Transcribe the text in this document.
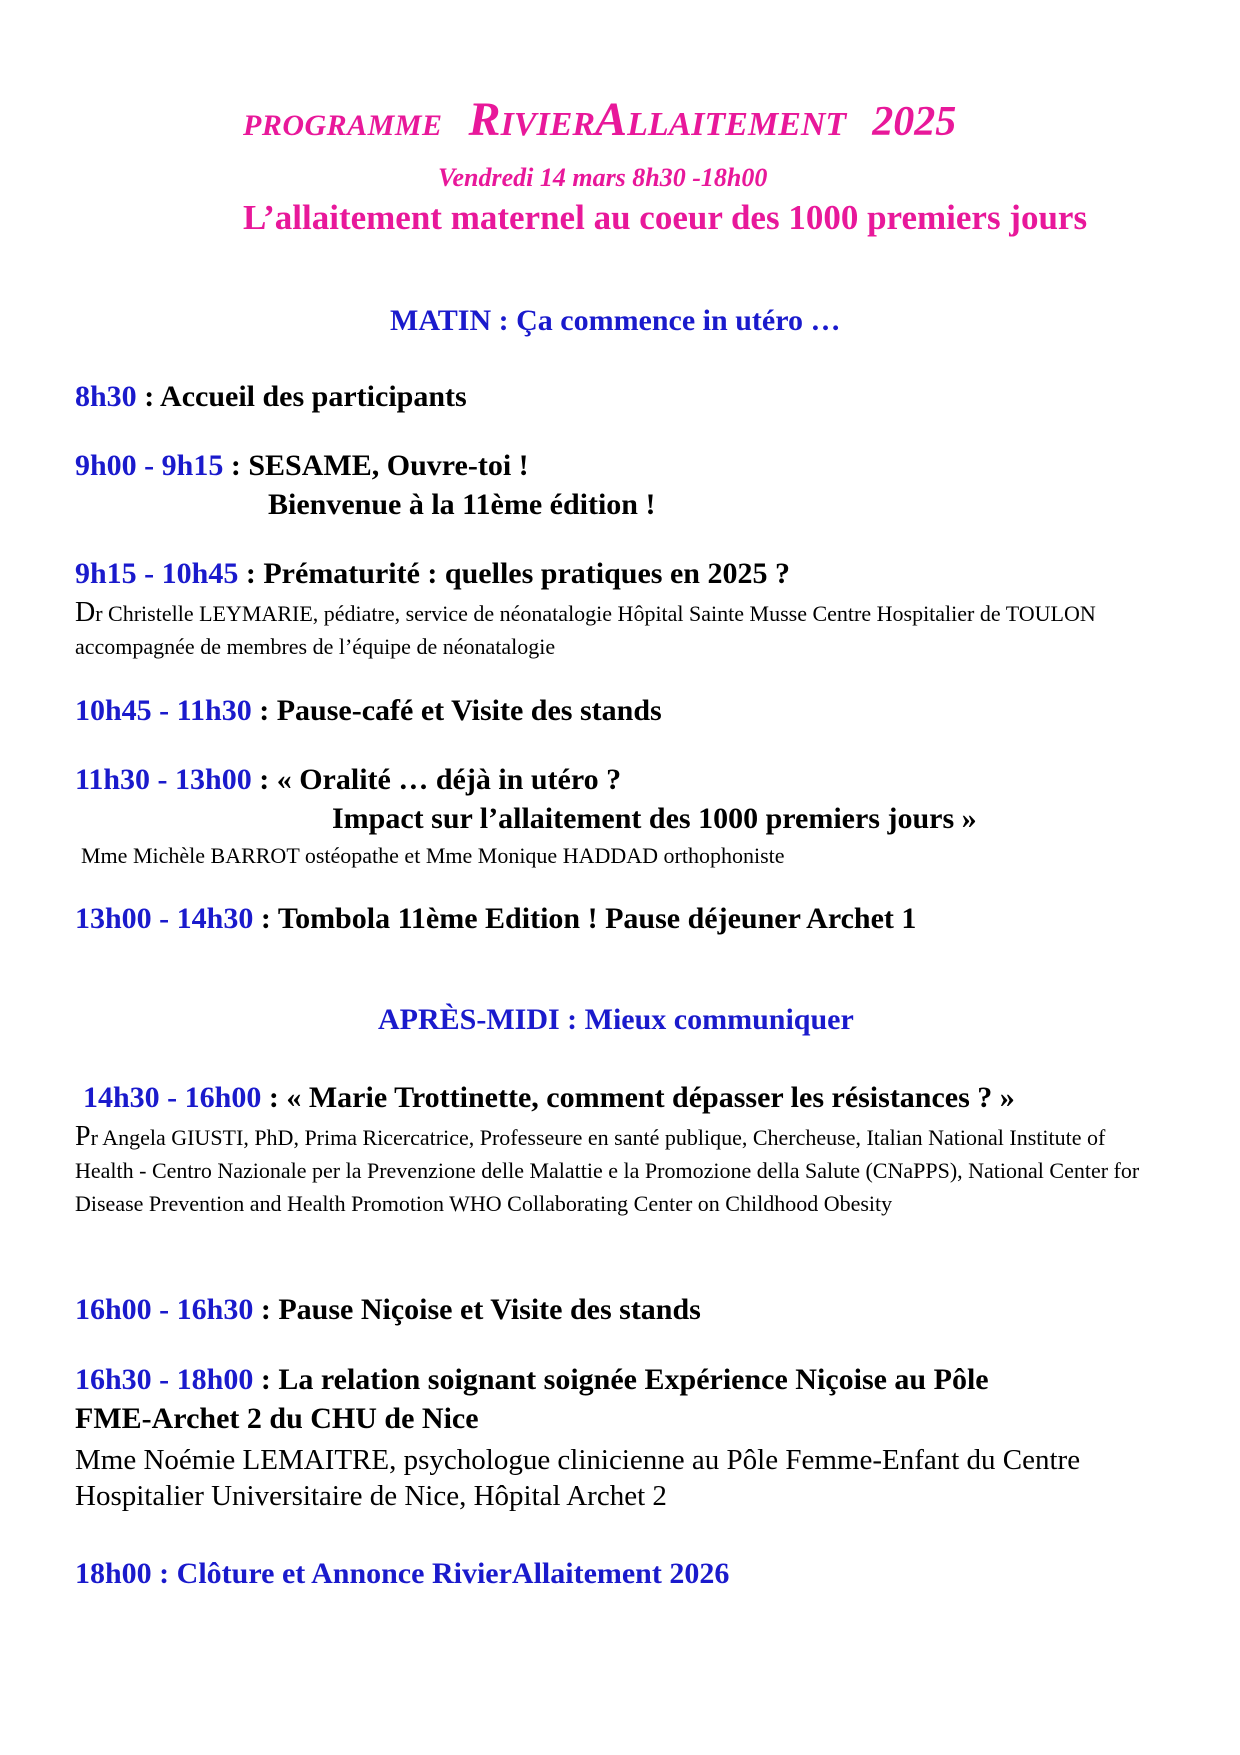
PROGRAMME RivierAllaitement 2025
Vendredi 14 mars 8h30 -18h00
L’allaitement maternel au coeur des 1000 premiers jours
MATIN : Ça commence in utéro …
8h30 : Accueil des participants
9h00 - 9h15 : SESAME, Ouvre-toi !
Bienvenue à la 11ème édition !
9h15 - 10h45 : Prématurité : quelles pratiques en 2025 ?
Dr Christelle LEYMARIE, pédiatre, service de néonatalogie Hôpital Sainte Musse Centre Hospitalier de TOULON accompagnée de membres de l’équipe de néonatalogie
10h45 - 11h30 : Pause-café et Visite des stands
11h30 - 13h00 : « Oralité … déjà in utéro ?
Impact sur l’allaitement des 1000 premiers jours »
Mme Michèle BARROT ostéopathe et Mme Monique HADDAD orthophoniste
13h00 - 14h30 : Tombola 11ème Edition ! Pause déjeuner Archet 1
APRÈS-MIDI : Mieux communiquer
14h30 - 16h00 : « Marie Trottinette, comment dépasser les résistances ? »
Pr Angela GIUSTI, PhD, Prima Ricercatrice, Professeure en santé publique, Chercheuse, Italian National Institute of Health - Centro Nazionale per la Prevenzione delle Malattie e la Promozione della Salute (CNaPPS), National Center for Disease Prevention and Health Promotion WHO Collaborating Center on Childhood Obesity
16h00 - 16h30 : Pause Niçoise et Visite des stands
16h30 - 18h00 : La relation soignant soignée Expérience Niçoise au Pôle
FME-Archet 2 du CHU de Nice
Mme Noémie LEMAITRE, psychologue clinicienne au Pôle Femme-Enfant du Centre Hospitalier Universitaire de Nice, Hôpital Archet 2
18h00 : Clôture et Annonce RivierAllaitement 2026
